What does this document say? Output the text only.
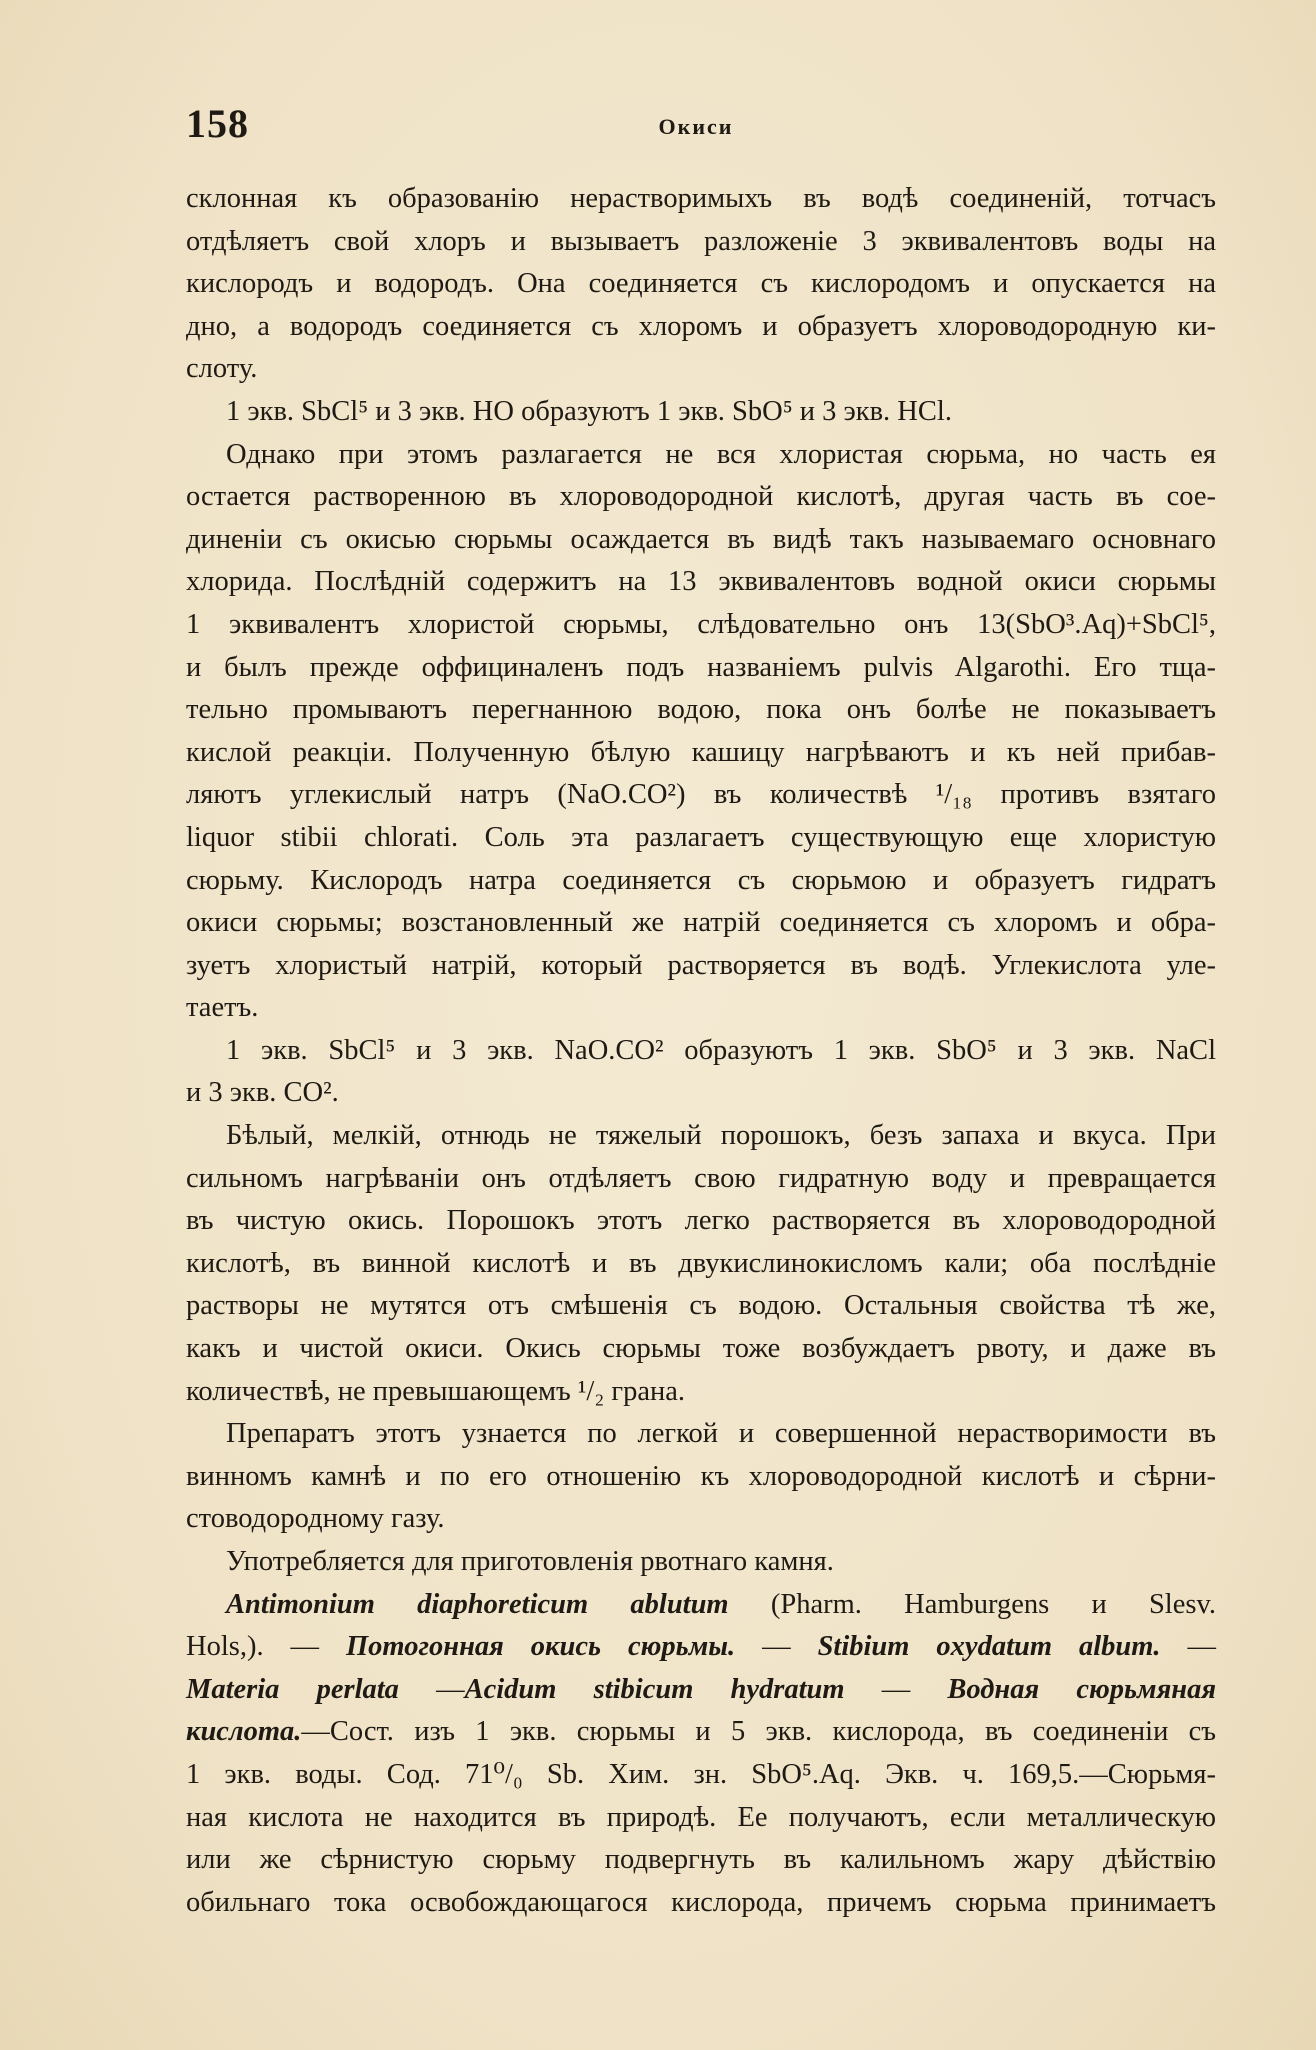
158	Окиси
склонная къ образованію нерастворимыхъ въ водѣ соединеній, тотчасъ
отдѣляетъ свой хлоръ и вызываетъ разложеніе 3 эквивалентовъ воды на
кислородъ и водородъ. Она соединяется съ кислородомъ и опускается на
дно, а водородъ соединяется съ хлоромъ и образуетъ хлороводородную ки-
слоту.
1 экв. SbCl⁵ и 3 экв. HO образуютъ 1 экв. SbO⁵ и 3 экв. HCl.
Однако при этомъ разлагается не вся хлористая сюрьма, но часть ея
остается растворенною въ хлороводородной кислотѣ, другая часть въ сое-
диненіи съ окисью сюрьмы осаждается въ видѣ такъ называемаго основнаго
хлорида. Послѣдній содержитъ на 13 эквивалентовъ водной окиси сюрьмы
1 эквивалентъ хлористой сюрьмы, слѣдовательно онъ 13(SbO³.Aq)+SbCl⁵,
и былъ прежде оффициналенъ подъ названіемъ pulvis Algarothi. Его тща-
тельно промываютъ перегнанною водою, пока онъ болѣе не показываетъ
кислой реакціи. Полученную бѣлую кашицу нагрѣваютъ и къ ней прибав-
ляютъ углекислый натръ (NaO.CO²) въ количествѣ ¹/₁₈ противъ взятаго
liquor stibii chlorati. Соль эта разлагаетъ существующую еще хлористую
сюрьму. Кислородъ натра соединяется съ сюрьмою и образуетъ гидратъ
окиси сюрьмы; возстановленный же натрій соединяется съ хлоромъ и обра-
зуетъ хлористый натрій, который растворяется въ водѣ. Углекислота уле-
таетъ.
1 экв. SbCl⁵ и 3 экв. NaO.CO² образуютъ 1 экв. SbO⁵ и 3 экв. NaCl
и 3 экв. CO².
Бѣлый, мелкій, отнюдь не тяжелый порошокъ, безъ запаха и вкуса. При
сильномъ нагрѣваніи онъ отдѣляетъ свою гидратную воду и превращается
въ чистую окись. Порошокъ этотъ легко растворяется въ хлороводородной
кислотѣ, въ винной кислотѣ и въ двукислинокисломъ кали; оба послѣдніе
растворы не мутятся отъ смѣшенія съ водою. Остальныя свойства тѣ же,
какъ и чистой окиси. Окись сюрьмы тоже возбуждаетъ рвоту, и даже въ
количествѣ, не превышающемъ ¹/₂ грана.
Препаратъ этотъ узнается по легкой и совершенной нерастворимости въ
винномъ камнѣ и по его отношенію къ хлороводородной кислотѣ и сѣрни-
стоводородному газу.
Употребляется для приготовленія рвотнаго камня.
Antimonium diaphoreticum ablutum (Pharm. Hamburgens и Slesv.
Hols,). — Потогонная окись сюрьмы. — Stibium oxydatum album. —
Materia perlata —Acidum stibicum hydratum — Водная сюрьмяная
кислота.—Сост. изъ 1 экв. сюрьмы и 5 экв. кислорода, въ соединеніи съ
1 экв. воды. Сод. 71⁰/₀ Sb. Хим. зн. SbO⁵.Aq. Экв. ч. 169,5.—Сюрьмя-
ная кислота не находится въ природѣ. Ее получаютъ, если металлическую
или же сѣрнистую сюрьму подвергнуть въ калильномъ жару дѣйствію
обильнаго тока освобождающагося кислорода, причемъ сюрьма принимаетъ
